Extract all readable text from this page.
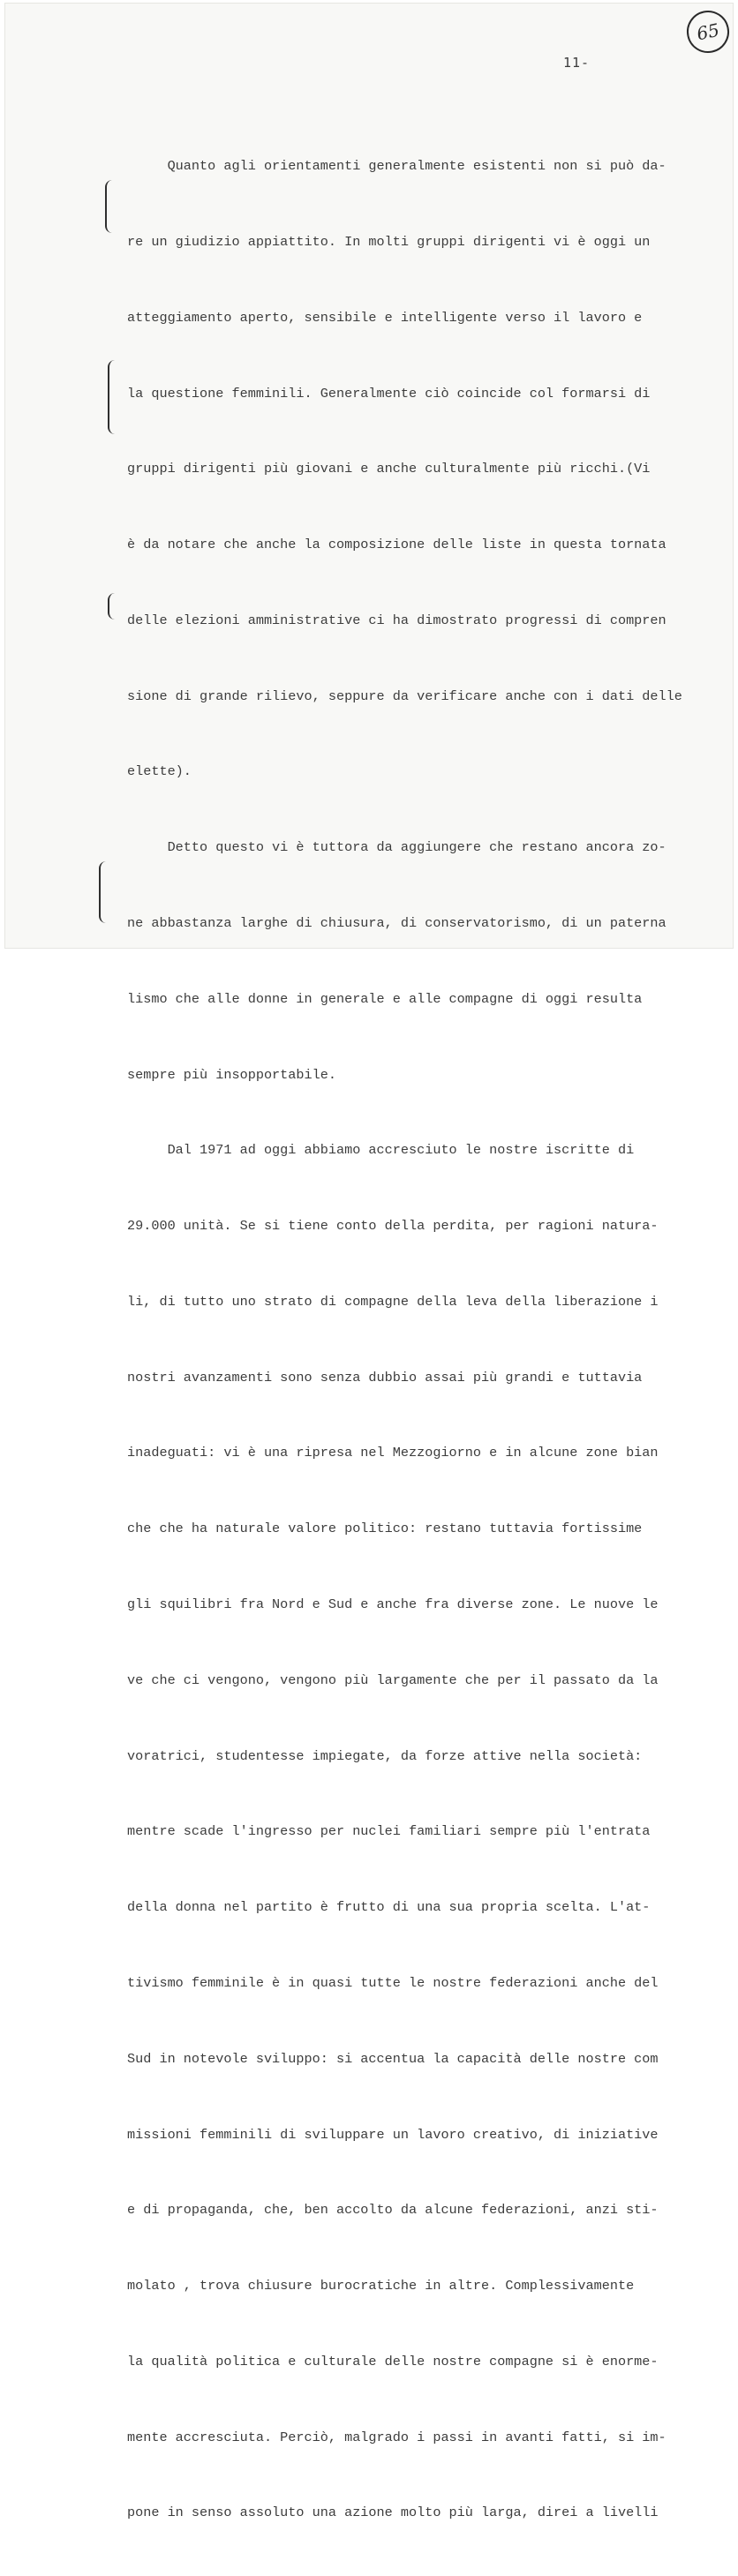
65
11-

Quanto agli orientamenti generalmente esistenti non si può da-

re un giudizio appiattito. In molti gruppi dirigenti vi è oggi un

atteggiamento aperto, sensibile e intelligente verso il lavoro e

la questione femminili. Generalmente ciò coincide col formarsi di

gruppi dirigenti più giovani e anche culturalmente più ricchi.(Vi

è da notare che anche la composizione delle liste in questa tornata

delle elezioni amministrative ci ha dimostrato progressi di compren

sione di grande rilievo, seppure da verificare anche con i dati delle

elette).

Detto questo vi è tuttora da aggiungere che restano ancora zo-

ne abbastanza larghe di chiusura, di conservatorismo, di un paterna

lismo che alle donne in generale e alle compagne di oggi resulta

sempre più insopportabile.

Dal 1971 ad oggi abbiamo accresciuto le nostre iscritte di

29.000 unità. Se si tiene conto della perdita, per ragioni natura-

li, di tutto uno strato di compagne della leva della liberazione i

nostri avanzamenti sono senza dubbio assai più grandi e tuttavia

inadeguati: vi è una ripresa nel Mezzogiorno e in alcune zone bian

che che ha naturale valore politico: restano tuttavia fortissime

gli squilibri fra Nord e Sud e anche fra diverse zone. Le nuove le

ve che ci vengono, vengono più largamente che per il passato da la

voratrici, studentesse impiegate, da forze attive nella società:

mentre scade l'ingresso per nuclei familiari sempre più l'entrata

della donna nel partito è frutto di una sua propria scelta. L'at-

tivismo femminile è in quasi tutte le nostre federazioni anche del

Sud in notevole sviluppo: si accentua la capacità delle nostre com

missioni femminili di sviluppare un lavoro creativo, di iniziative

e di propaganda, che, ben accolto da alcune federazioni, anzi sti-

molato , trova chiusure burocratiche in altre. Complessivamente

la qualità politica e culturale delle nostre compagne si è enorme-

mente accresciuta. Perciò, malgrado i passi in avanti fatti, si im-

pone in senso assoluto una azione molto più larga, direi a livelli
